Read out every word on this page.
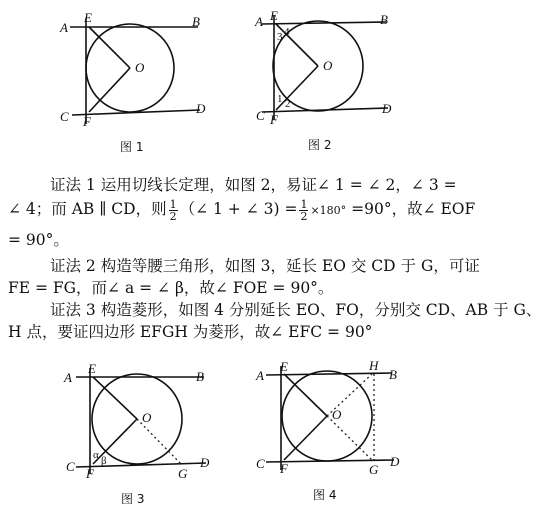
A
E	B
O
C F
D
图 1
A E	B
O
C F
D
3 4
1 2
图 2
A
E
B
O
C F	G
D
α β
图 3
A
E	H
B
O
C F	G
D
图 4
证法 1 运用切线长定理，如图 2，易证∠ 1 = ∠ 2，∠ 3 =
∠ 4；而 AB ∥ CD，则 $\frac{1}{2}$ （∠ 1 + ∠ $3) = \frac{1}{2} \times 180^\circ =90^\circ$，故∠ EOF
= 90°。
证法 2 构造等腰三角形，如图 3，延长 EO 交 CD 于 G，可证
FE = FG，而∠ a = ∠ β，故∠ FOE = 90°。
证法 3 构造菱形，如图 4 分别延长 EO、FO，分别交 CD、AB 于 G、
H 点，要证四边形 EFGH 为菱形，故∠ EFC = 90°
